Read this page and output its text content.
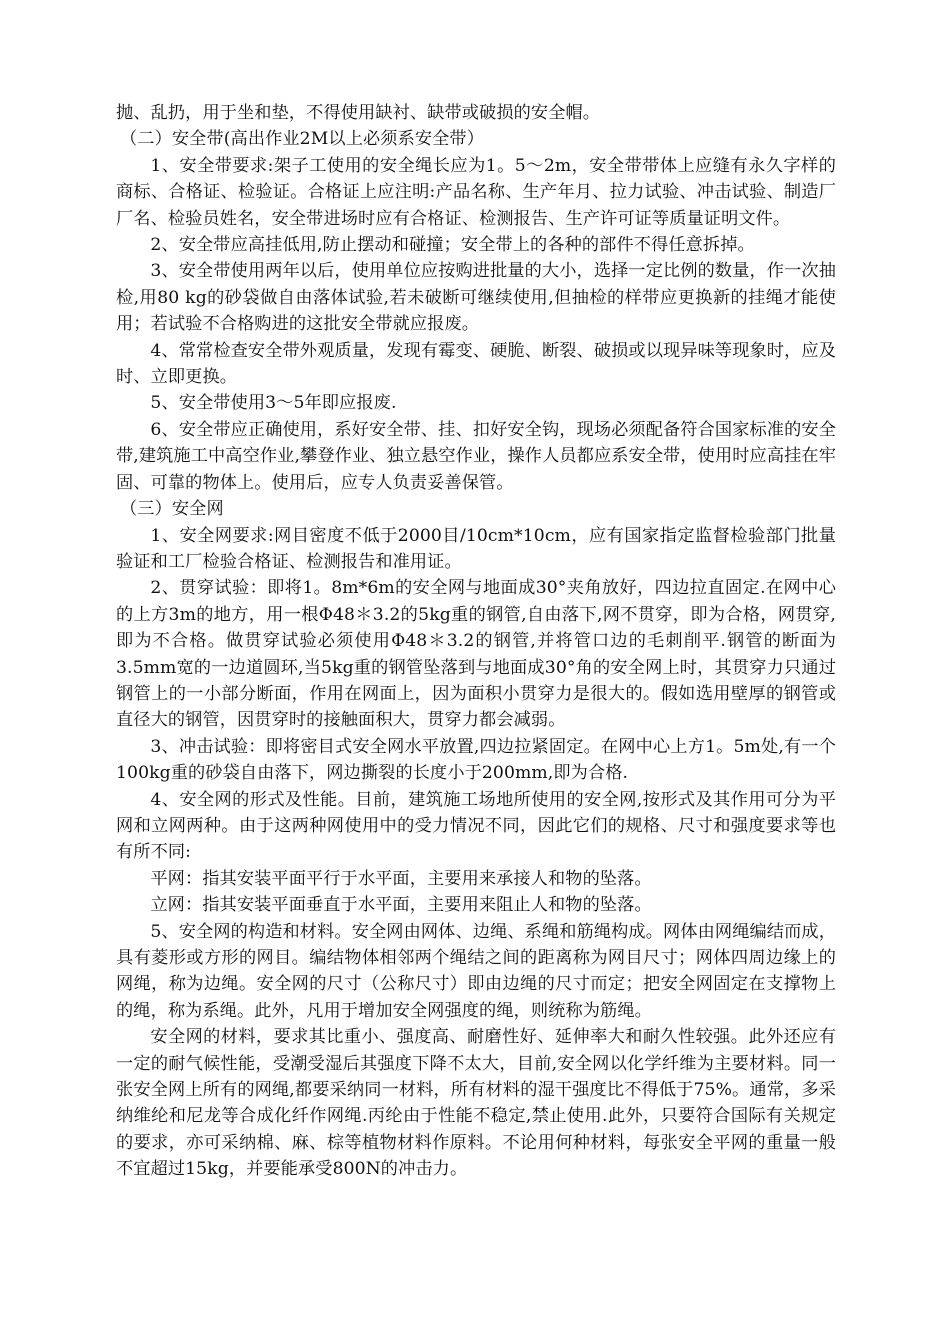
抛、乱扔，用于坐和垫，不得使用缺衬、缺带或破损的安全帽。

（二）安全带(高出作业2M以上必须系安全带）

1、安全带要求:架子工使用的安全绳长应为1。5～2m，安全带带体上应缝有永久字样的商标、合格证、检验证。合格证上应注明:产品名称、生产年月、拉力试验、冲击试验、制造厂厂名、检验员姓名，安全带进场时应有合格证、检测报告、生产许可证等质量证明文件。

2、安全带应高挂低用,防止摆动和碰撞；安全带上的各种的部件不得任意拆掉。

3、安全带使用两年以后，使用单位应按购进批量的大小，选择一定比例的数量，作一次抽检,用80 kg的砂袋做自由落体试验,若未破断可继续使用,但抽检的样带应更换新的挂绳才能使用；若试验不合格购进的这批安全带就应报废。

4、常常检查安全带外观质量，发现有霉变、硬脆、断裂、破损或以现异味等现象时，应及时、立即更换。

5、安全带使用3～5年即应报废.

6、安全带应正确使用，系好安全带、挂、扣好安全钩，现场必须配备符合国家标准的安全带,建筑施工中高空作业,攀登作业、独立悬空作业，操作人员都应系安全带，使用时应高挂在牢固、可靠的物体上。使用后，应专人负责妥善保管。

（三）安全网

1、安全网要求:网目密度不低于2000目/10cm*10cm，应有国家指定监督检验部门批量验证和工厂检验合格证、检测报告和准用证。

2、贯穿试验：即将1。8m*6m的安全网与地面成30°夹角放好，四边拉直固定.在网中心的上方3m的地方，用一根Φ48＊3.2的5kg重的钢管,自由落下,网不贯穿，即为合格，网贯穿,即为不合格。做贯穿试验必须使用Φ48＊3.2的钢管,并将管口边的毛刺削平.钢管的断面为3.5mm宽的一边道圆环,当5kg重的钢管坠落到与地面成30°角的安全网上时，其贯穿力只通过钢管上的一小部分断面，作用在网面上，因为面积小贯穿力是很大的。假如选用壁厚的钢管或直径大的钢管，因贯穿时的接触面积大，贯穿力都会减弱。

3、冲击试验：即将密目式安全网水平放置,四边拉紧固定。在网中心上方1。5m处,有一个100kg重的砂袋自由落下，网边撕裂的长度小于200mm,即为合格.

4、安全网的形式及性能。目前，建筑施工场地所使用的安全网,按形式及其作用可分为平网和立网两种。由于这两种网使用中的受力情况不同，因此它们的规格、尺寸和强度要求等也有所不同:

平网：指其安装平面平行于水平面，主要用来承接人和物的坠落。

立网：指其安装平面垂直于水平面，主要用来阻止人和物的坠落。

5、安全网的构造和材料。安全网由网体、边绳、系绳和筋绳构成。网体由网绳编结而成，具有菱形或方形的网目。编结物体相邻两个绳结之间的距离称为网目尺寸；网体四周边缘上的网绳，称为边绳。安全网的尺寸（公称尺寸）即由边绳的尺寸而定；把安全网固定在支撑物上的绳，称为系绳。此外，凡用于增加安全网强度的绳，则统称为筋绳。

安全网的材料，要求其比重小、强度高、耐磨性好、延伸率大和耐久性较强。此外还应有一定的耐气候性能，受潮受湿后其强度下降不太大，目前,安全网以化学纤维为主要材料。同一张安全网上所有的网绳,都要采纳同一材料，所有材料的湿干强度比不得低于75%。通常，多采纳维纶和尼龙等合成化纤作网绳.丙纶由于性能不稳定,禁止使用.此外，只要符合国际有关规定的要求，亦可采纳棉、麻、棕等植物材料作原料。不论用何种材料，每张安全平网的重量一般不宜超过15kg，并要能承受800N的冲击力。
